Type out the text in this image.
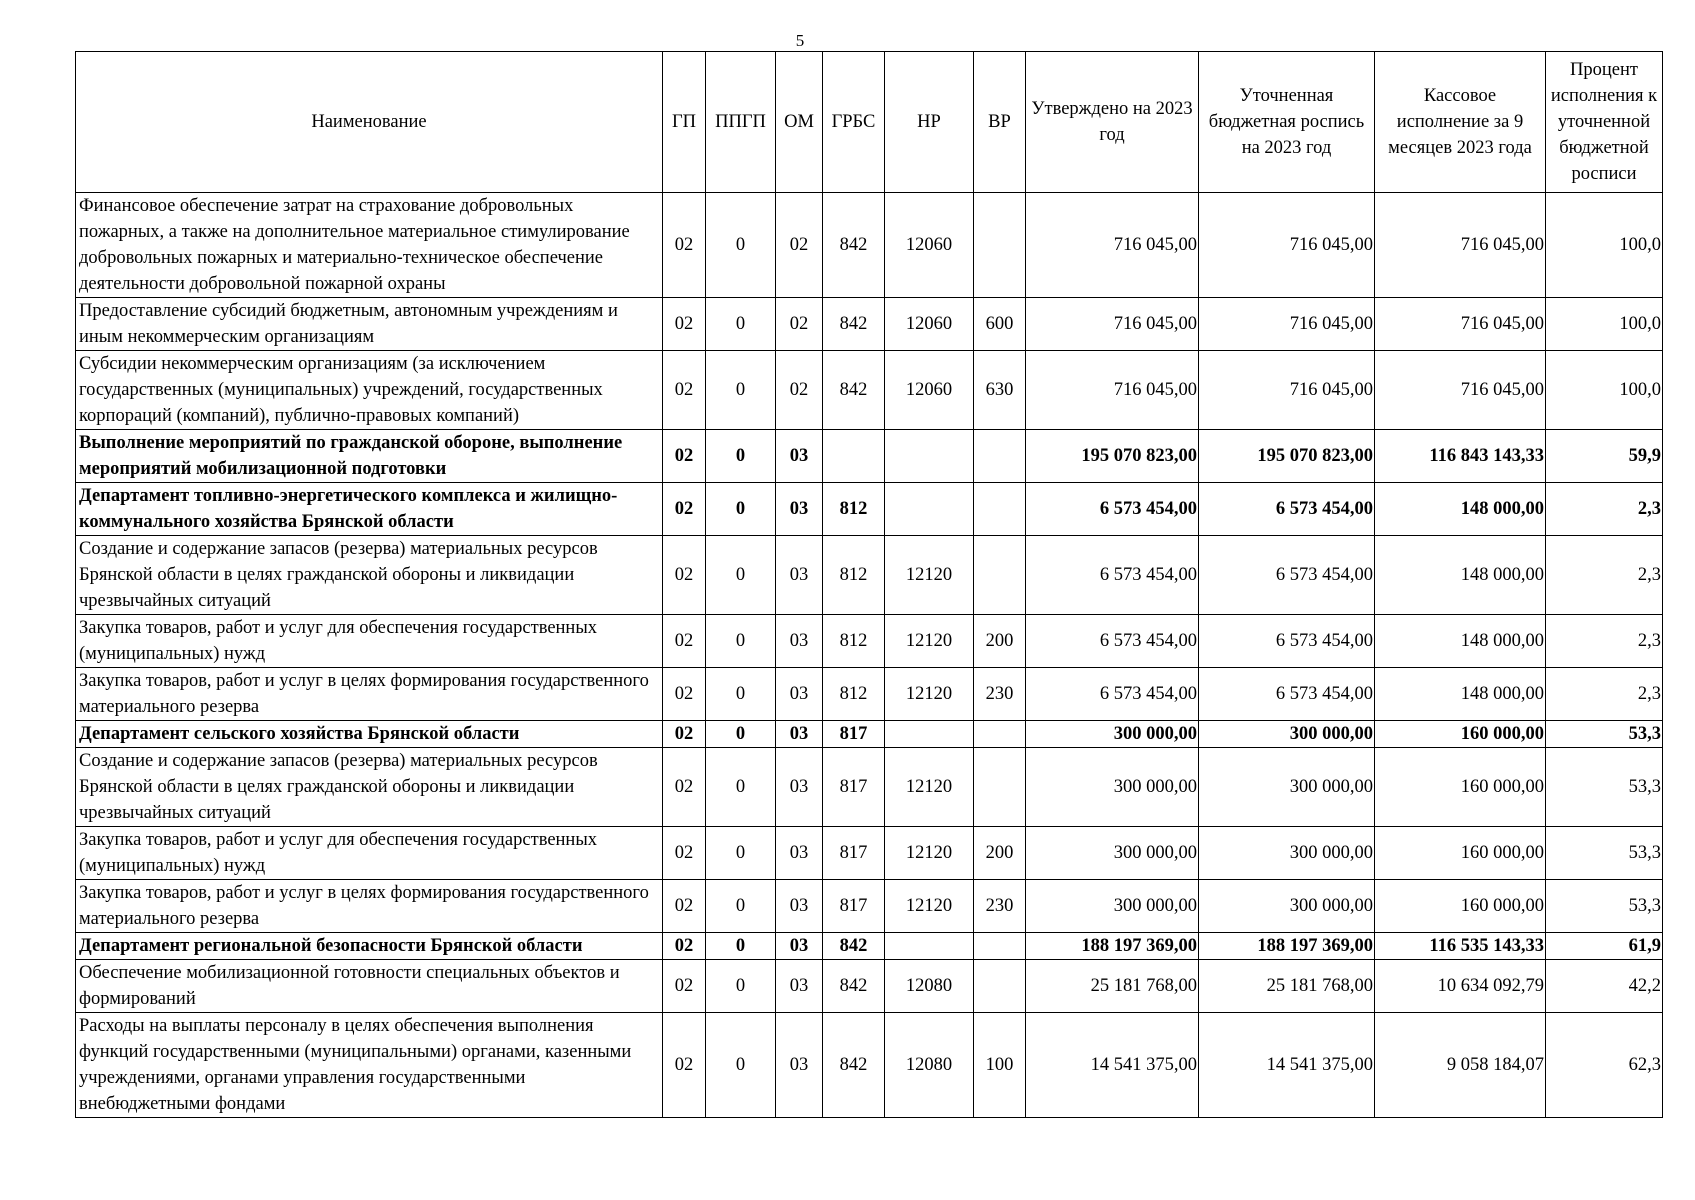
5
Наименование	ГП	ППГП	ОМ	ГРБС	НР	ВР	Утверждено на 2023 год	Уточненная бюджетная роспись на 2023 год	Кассовое исполнение за 9 месяцев 2023 года	Процент исполнения к уточненной бюджетной росписи
Финансовое обеспечение затрат на страхование добровольных пожарных, а также на дополнительное материальное стимулирование добровольных пожарных и материально-техническое обеспечение деятельности добровольной пожарной охраны	02	0	02	842	12060		716 045,00	716 045,00	716 045,00	100,0
Предоставление субсидий бюджетным, автономным учреждениям и иным некоммерческим организациям	02	0	02	842	12060	600	716 045,00	716 045,00	716 045,00	100,0
Субсидии некоммерческим организациям (за исключением государственных (муниципальных) учреждений, государственных корпораций (компаний), публично-правовых компаний)	02	0	02	842	12060	630	716 045,00	716 045,00	716 045,00	100,0
Выполнение мероприятий по гражданской обороне, выполнение мероприятий мобилизационной подготовки	02	0	03				195 070 823,00	195 070 823,00	116 843 143,33	59,9
Департамент топливно-энергетического комплекса и жилищно-коммунального хозяйства Брянской области	02	0	03	812			6 573 454,00	6 573 454,00	148 000,00	2,3
Создание и содержание запасов (резерва) материальных ресурсов Брянской области в целях гражданской обороны и ликвидации чрезвычайных ситуаций	02	0	03	812	12120		6 573 454,00	6 573 454,00	148 000,00	2,3
Закупка товаров, работ и услуг для обеспечения государственных (муниципальных) нужд	02	0	03	812	12120	200	6 573 454,00	6 573 454,00	148 000,00	2,3
Закупка товаров, работ и услуг в целях формирования государственного материального резерва	02	0	03	812	12120	230	6 573 454,00	6 573 454,00	148 000,00	2,3
Департамент сельского хозяйства Брянской области	02	0	03	817			300 000,00	300 000,00	160 000,00	53,3
Создание и содержание запасов (резерва) материальных ресурсов Брянской области в целях гражданской обороны и ликвидации чрезвычайных ситуаций	02	0	03	817	12120		300 000,00	300 000,00	160 000,00	53,3
Закупка товаров, работ и услуг для обеспечения государственных (муниципальных) нужд	02	0	03	817	12120	200	300 000,00	300 000,00	160 000,00	53,3
Закупка товаров, работ и услуг в целях формирования государственного материального резерва	02	0	03	817	12120	230	300 000,00	300 000,00	160 000,00	53,3
Департамент региональной безопасности Брянской области	02	0	03	842			188 197 369,00	188 197 369,00	116 535 143,33	61,9
Обеспечение мобилизационной готовности специальных объектов и формирований	02	0	03	842	12080		25 181 768,00	25 181 768,00	10 634 092,79	42,2
Расходы на выплаты персоналу в целях обеспечения выполнения функций государственными (муниципальными) органами, казенными учреждениями, органами управления государственными внебюджетными фондами	02	0	03	842	12080	100	14 541 375,00	14 541 375,00	9 058 184,07	62,3
